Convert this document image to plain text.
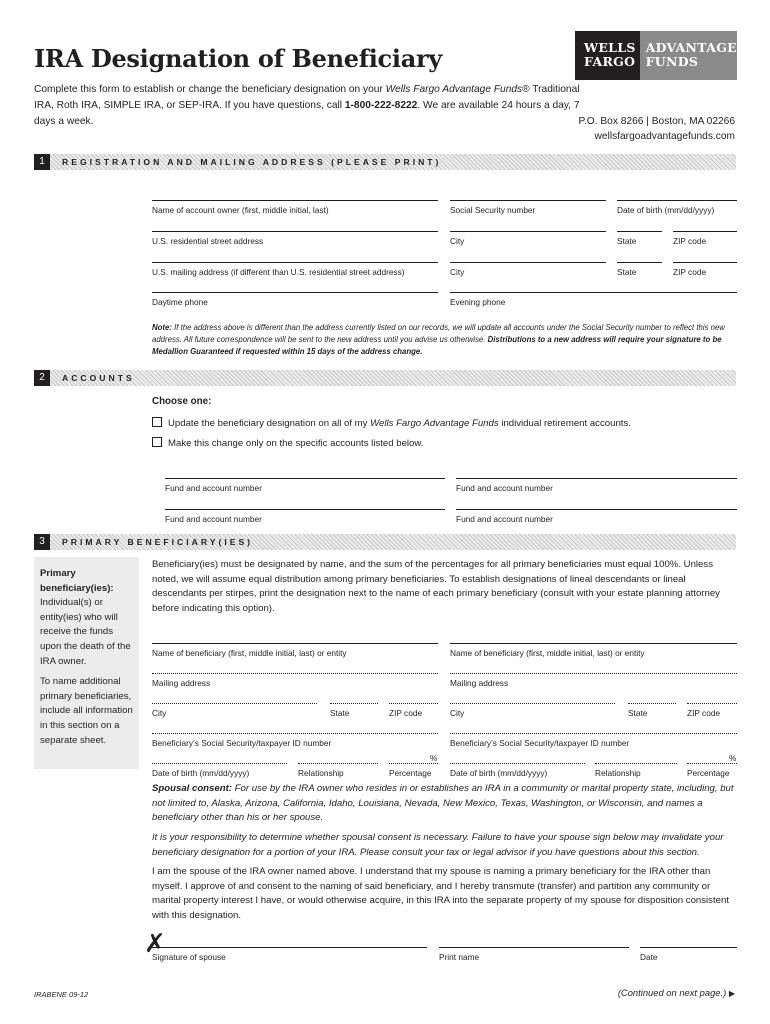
IRA Designation of Beneficiary	WELLS
FARGO
ADVANTAGE
FUNDS
Complete this form to establish or change the beneficiary designation on your Wells Fargo Advantage Funds® Traditional IRA, Roth IRA, SIMPLE IRA, or SEP-IRA. If you have questions, call 1-800-222-8222. We are available 24 hours a day, 7 days a week.	P.O. Box 8266 | Boston, MA 02266
wellsfargoadvantagefunds.com
1	REGISTRATION AND MAILING ADDRESS (PLEASE PRINT)
Name of account owner (first, middle initial, last)	Social Security number	Date of birth (mm/dd/yyyy)
U.S. residential street address	City	State	ZIP code
U.S. mailing address (if different than U.S. residential street address)	City	State	ZIP code
Daytime phone	Evening phone
Note: If the address above is different than the address currently listed on our records, we will update all accounts under the Social Security number to reflect this new address. All future correspondence will be sent to the new address until you advise us otherwise. Distributions to a new address will require your signature to be Medallion Guaranteed if requested within 15 days of the address change.
2	ACCOUNTS
Choose one:
Update the beneficiary designation on all of my Wells Fargo Advantage Funds individual retirement accounts.
Make this change only on the specific accounts listed below.
Fund and account number	Fund and account number
Fund and account number	Fund and account number
3	PRIMARY BENEFICIARY(IES)

Primary beneficiary(ies):
Individual(s) or entity(ies) who will receive the funds upon the death of the IRA owner.

To name additional primary beneficiaries, include all information in this section on a separate sheet.

Beneficiary(ies) must be designated by name, and the sum of the percentages for all primary beneficiaries must equal 100%. Unless noted, we will assume equal distribution among primary beneficiaries. To establish designations of lineal descendants or lineal descendants per stirpes, print the designation next to the name of each primary beneficiary (consult with your estate planning attorney before indicating this option).
Name of beneficiary (first, middle initial, last) or entity	Name of beneficiary (first, middle initial, last) or entity
Mailing address	Mailing address
City	State	ZIP code	City	State	ZIP code
Beneficiary’s Social Security/taxpayer ID number	Beneficiary’s Social Security/taxpayer ID number
%	%
Date of birth (mm/dd/yyyy)	Relationship	Percentage	Date of birth (mm/dd/yyyy)	Relationship	Percentage
Spousal consent: For use by the IRA owner who resides in or establishes an IRA in a community or marital property state, including, but not limited to, Alaska, Arizona, California, Idaho, Louisiana, Nevada, New Mexico, Texas, Washington, or Wisconsin, and names a beneficiary other than his or her spouse.
It is your responsibility to determine whether spousal consent is necessary. Failure to have your spouse sign below may invalidate your beneficiary designation for a portion of your IRA. Please consult your tax or legal advisor if you have questions about this section.
I am the spouse of the IRA owner named above. I understand that my spouse is naming a primary beneficiary for the IRA other than myself. I approve of and consent to the naming of said beneficiary, and I hereby transmute (transfer) and partition any community or marital property interest I have, or would otherwise acquire, in this IRA into the separate property of my spouse for disposition consistent with this designation.
✗
Signature of spouse	Print name	Date
IRABENE 09-12	(Continued on next page.) ▶
